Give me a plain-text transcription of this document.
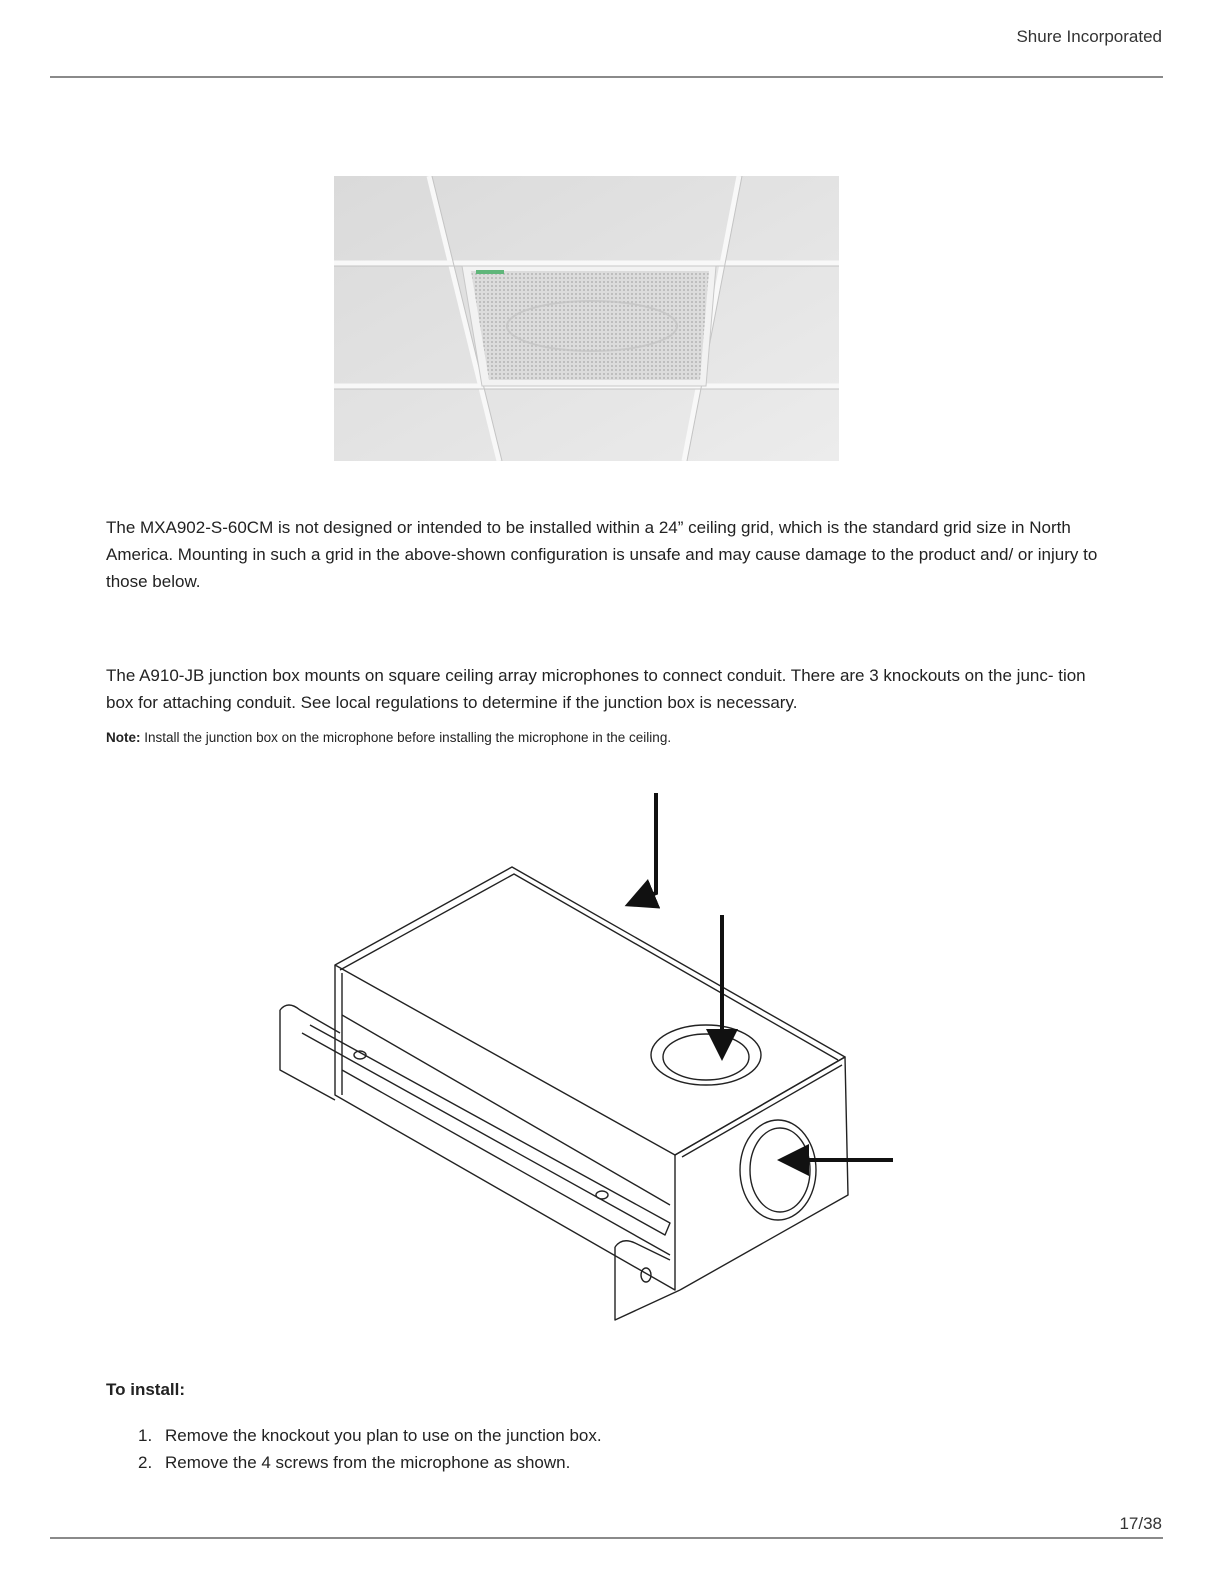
Shure Incorporated

The MXA902-S-60CM is not designed or intended to be installed within a 24” ceiling grid, which is the standard grid size in North America. Mounting in such a grid in the above-shown configuration is unsafe and may cause damage to the product and/ or injury to those below.

The A910-JB junction box mounts on square ceiling array microphones to connect conduit. There are 3 knockouts on the junc- tion box for attaching conduit. See local regulations to determine if the junction box is necessary.

Note: Install the junction box on the microphone before installing the microphone in the ceiling.

To install:

1. Remove the knockout you plan to use on the junction box.
2. Remove the 4 screws from the microphone as shown.
17/38
